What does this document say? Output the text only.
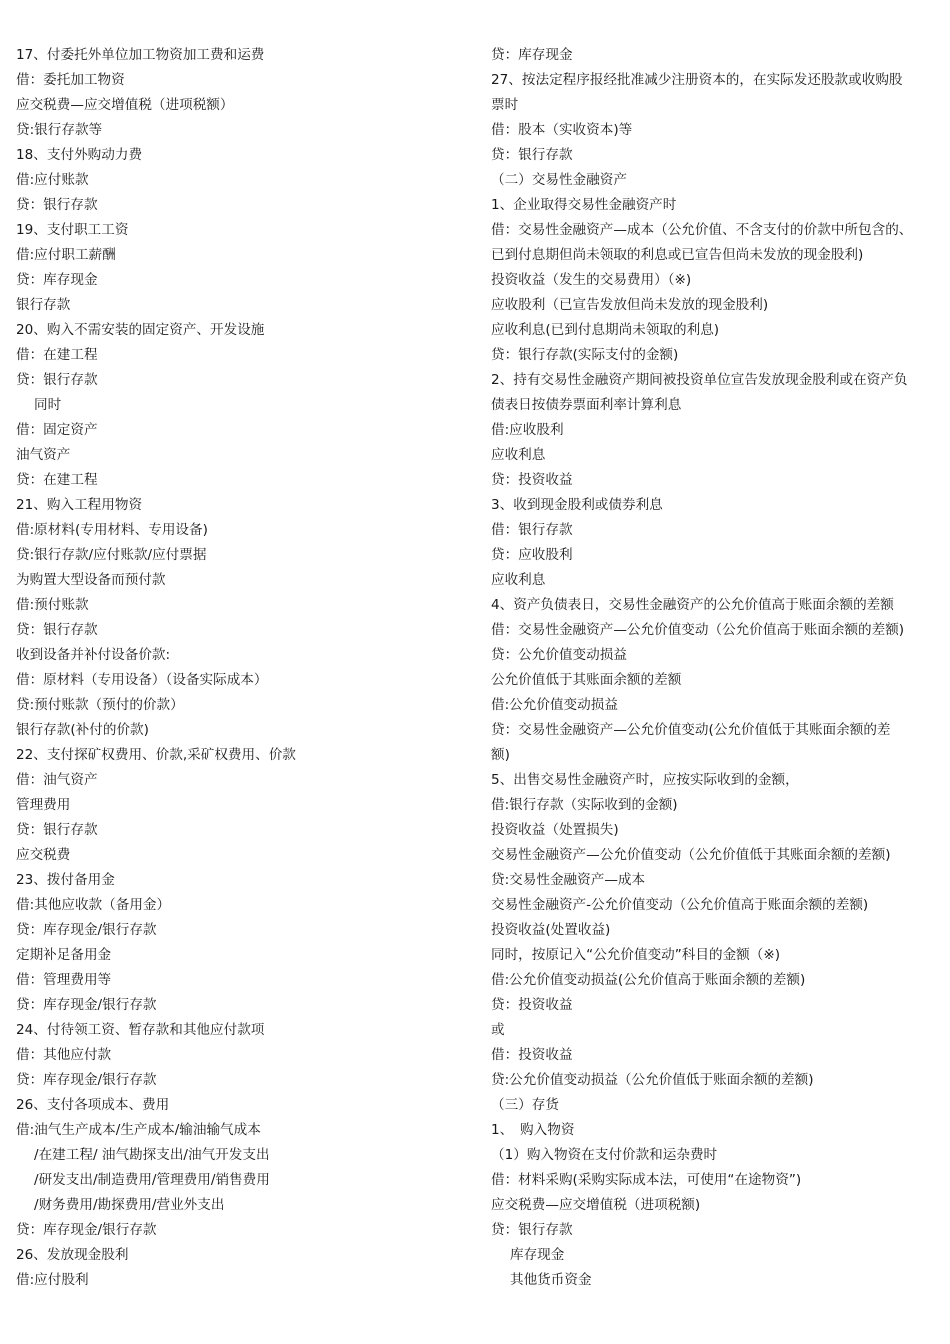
17、付委托外单位加工物资加工费和运费
借：委托加工物资
应交税费—应交增值税（进项税额）
贷:银行存款等
18、支付外购动力费
借:应付账款
贷：银行存款
19、支付职工工资
借:应付职工薪酬
贷：库存现金
银行存款
20、购入不需安装的固定资产、开发设施
借：在建工程
贷：银行存款
同时
借：固定资产
油气资产
贷：在建工程
21、购入工程用物资
借:原材料(专用材料、专用设备)
贷:银行存款/应付账款/应付票据
为购置大型设备而预付款
借:预付账款
贷：银行存款
收到设备并补付设备价款:
借：原材料（专用设备）（设备实际成本）
贷:预付账款（预付的价款）
银行存款(补付的价款)
22、支付探矿权费用、价款,采矿权费用、价款
借：油气资产
管理费用
贷：银行存款
应交税费
23、拨付备用金
借:其他应收款（备用金）
贷：库存现金/银行存款
定期补足备用金
借：管理费用等
贷：库存现金/银行存款
24、付待领工资、暂存款和其他应付款项
借：其他应付款
贷：库存现金/银行存款
26、支付各项成本、费用
借:油气生产成本/生产成本/输油输气成本
/在建工程/ 油气勘探支出/油气开发支出
/研发支出/制造费用/管理费用/销售费用
/财务费用/勘探费用/营业外支出
贷：库存现金/银行存款
26、发放现金股利
借:应付股利
贷：库存现金
27、按法定程序报经批准减少注册资本的，在实际发还股款或收购股
票时
借：股本（实收资本)等
贷：银行存款
（二）交易性金融资产
1、企业取得交易性金融资产时
借：交易性金融资产—成本（公允价值、不含支付的价款中所包含的、
已到付息期但尚未领取的利息或已宣告但尚未发放的现金股利)
投资收益（发生的交易费用）（※)
应收股利（已宣告发放但尚未发放的现金股利)
应收利息(已到付息期尚未领取的利息)
贷：银行存款(实际支付的金额)
2、持有交易性金融资产期间被投资单位宣告发放现金股利或在资产负
债表日按债券票面利率计算利息
借:应收股利
应收利息
贷：投资收益
3、收到现金股利或债券利息
借：银行存款
贷：应收股利
应收利息
4、资产负债表日，交易性金融资产的公允价值高于账面余额的差额
借：交易性金融资产—公允价值变动（公允价值高于账面余额的差额)
贷：公允价值变动损益
公允价值低于其账面余额的差额
借:公允价值变动损益
贷：交易性金融资产—公允价值变动(公允价值低于其账面余额的差
额)
5、出售交易性金融资产时，应按实际收到的金额，
借:银行存款（实际收到的金额)
投资收益（处置损失)
交易性金融资产—公允价值变动（公允价值低于其账面余额的差额)
贷:交易性金融资产—成本
交易性金融资产-公允价值变动（公允价值高于账面余额的差额)
投资收益(处置收益)
同时，按原记入“公允价值变动”科目的金额（※)
借:公允价值变动损益(公允价值高于账面余额的差额)
贷：投资收益
或
借：投资收益
贷:公允价值变动损益（公允价值低于账面余额的差额)
（三）存货
1、　购入物资
（1）购入物资在支付价款和运杂费时
借：材料采购(采购实际成本法，可使用“在途物资”)
应交税费—应交增值税（进项税额)
贷：银行存款
库存现金
其他货币资金
